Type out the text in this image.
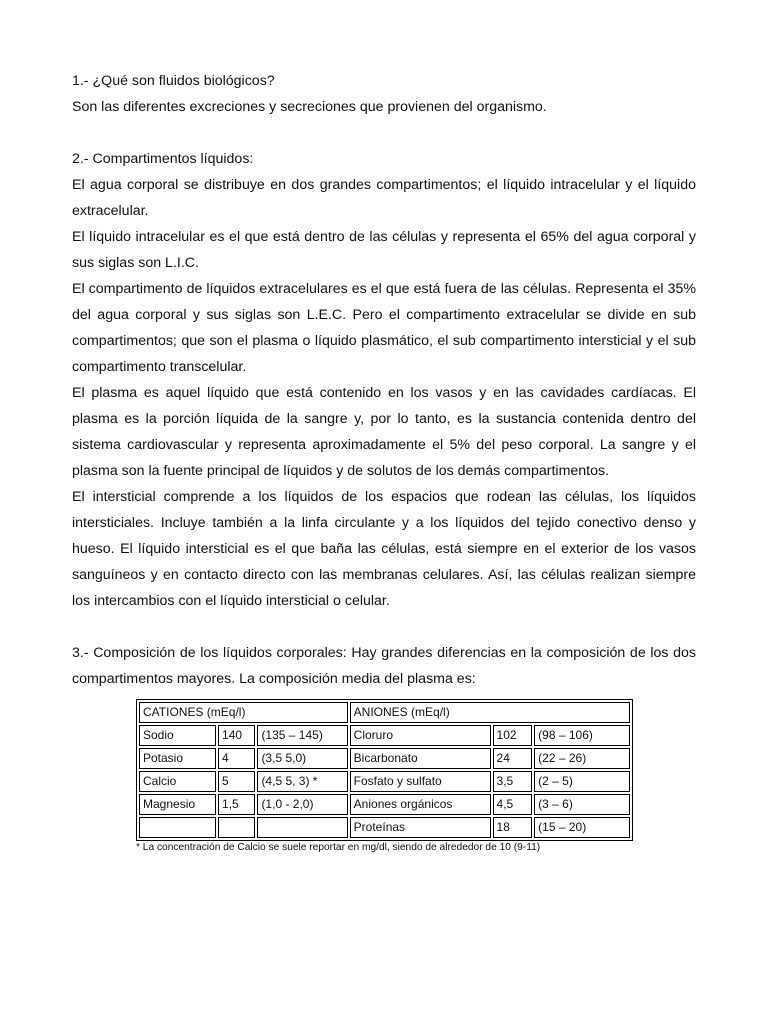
1.- ¿Qué son fluidos biológicos?

Son las diferentes excreciones y secreciones que provienen del organismo.

2.- Compartimentos líquidos:

El agua corporal se distribuye en dos grandes compartimentos; el líquido intracelular y el líquido extracelular.

El líquido intracelular es el que está dentro de las células y representa el 65% del agua corporal y sus siglas son L.I.C.

El compartimento de líquidos extracelulares es el que está fuera de las células. Representa el 35% del agua corporal y sus siglas son L.E.C. Pero el compartimento extracelular se divide en sub compartimentos; que son el plasma o líquido plasmático, el sub compartimento intersticial y el sub compartimento transcelular.

El plasma es aquel líquido que está contenido en los vasos y en las cavidades cardíacas. El plasma es la porción líquida de la sangre y, por lo tanto, es la sustancia contenida dentro del sistema cardiovascular y representa aproximadamente el 5% del peso corporal. La sangre y el plasma son la fuente principal de líquidos y de solutos de los demás compartimentos.

El intersticial comprende a los líquidos de los espacios que rodean las células, los líquidos intersticiales. Incluye también a la linfa circulante y a los líquidos del tejido conectivo denso y hueso. El líquido intersticial es el que baña las células, está siempre en el exterior de los vasos sanguíneos y en contacto directo con las membranas celulares. Así, las células realizan siempre los intercambios con el líquido intersticial o celular.

3.- Composición de los líquidos corporales: Hay grandes diferencias en la composición de los dos compartimentos mayores. La composición media del plasma es:

CATIONES (mEq/l)			ANIONES (mEq/l)		
Sodio	140	(135 – 145)	Cloruro	102	(98 – 106)
Potasio	4	(3,5 5,0)	Bicarbonato	24	(22 – 26)
Calcio	5	(4,5 5, 3) *	Fosfato y sulfato	3,5	(2 – 5)
Magnesio	1,5	(1,0 - 2,0)	Aniones orgánicos	4,5	(3 – 6)
			Proteínas	18	(15 – 20)
* La concentración de Calcio se suele reportar en mg/dl, siendo de alrededor de 10 (9-11)
